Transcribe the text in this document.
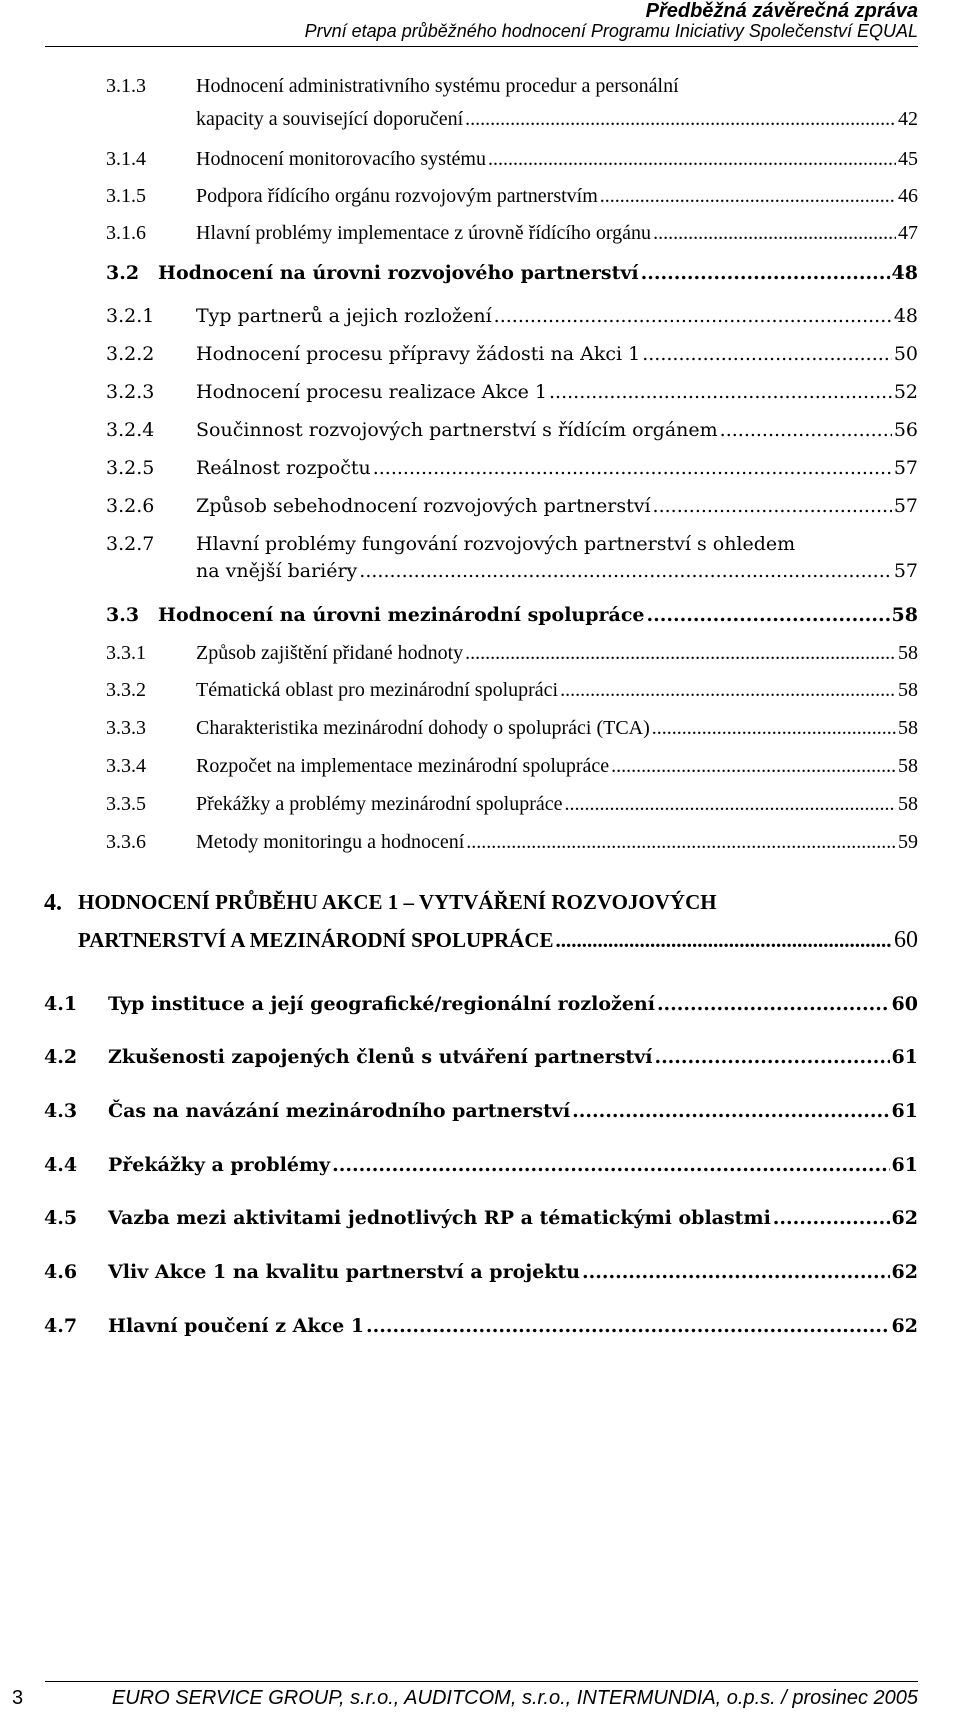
Předběžná závěrečná zpráva
První etapa průběžného hodnocení Programu Iniciativy Společenství EQUAL
3.1.3	Hodnocení administrativního systému procedur a personální
kapacity a související doporučení .....	42
3.1.4	Hodnocení monitorovacího systému .....	45
3.1.5	Podpora řídícího orgánu rozvojovým partnerstvím .....	46
3.1.6	Hlavní problémy implementace z úrovně řídícího orgánu .....	47
3.2 Hodnocení na úrovni rozvojového partnerství .....	48
3.2.1 Typ partnerů a jejich rozložení .....	48
3.2.2 Hodnocení procesu přípravy žádosti na Akci 1 .....	50
3.2.3 Hodnocení procesu realizace Akce 1 .....	52
3.2.4 Součinnost rozvojových partnerství s řídícím orgánem .....	56
3.2.5 Reálnost rozpočtu .....	57
3.2.6 Způsob sebehodnocení rozvojových partnerství .....	57
3.2.7 Hlavní problémy fungování rozvojových partnerství s ohledem
na vnější bariéry .....	57
3.3 Hodnocení na úrovni mezinárodní spolupráce .....	58
3.3.1	Způsob zajištění přidané hodnoty .....	58
3.3.2	Tématická oblast pro mezinárodní spolupráci .....	58
3.3.3	Charakteristika mezinárodní dohody o spolupráci (TCA) .....	58
3.3.4	Rozpočet na implementace mezinárodní spolupráce .....	58
3.3.5	Překážky a problémy mezinárodní spolupráce .....	58
3.3.6	Metody monitoringu a hodnocení .....	59
4. HODNOCENÍ PRŮBĚHU AKCE 1 – VYTVÁŘENÍ ROZVOJOVÝCH
PARTNERSTVÍ A MEZINÁRODNÍ SPOLUPRÁCE .....	60
4.1 Typ instituce a její geografické/regionální rozložení .....	60
4.2 Zkušenosti zapojených členů s utváření partnerství .....	61
4.3 Čas na navázání mezinárodního partnerství .....	61
4.4 Překážky a problémy .....	61
4.5 Vazba mezi aktivitami jednotlivých RP a tématickými oblastmi .....	62
4.6 Vliv Akce 1 na kvalitu partnerství a projektu .....	62
4.7 Hlavní poučení z Akce 1 .....	62
3	EURO SERVICE GROUP, s.r.o., AUDITCOM, s.r.o., INTERMUNDIA, o.p.s. / prosinec 2005
